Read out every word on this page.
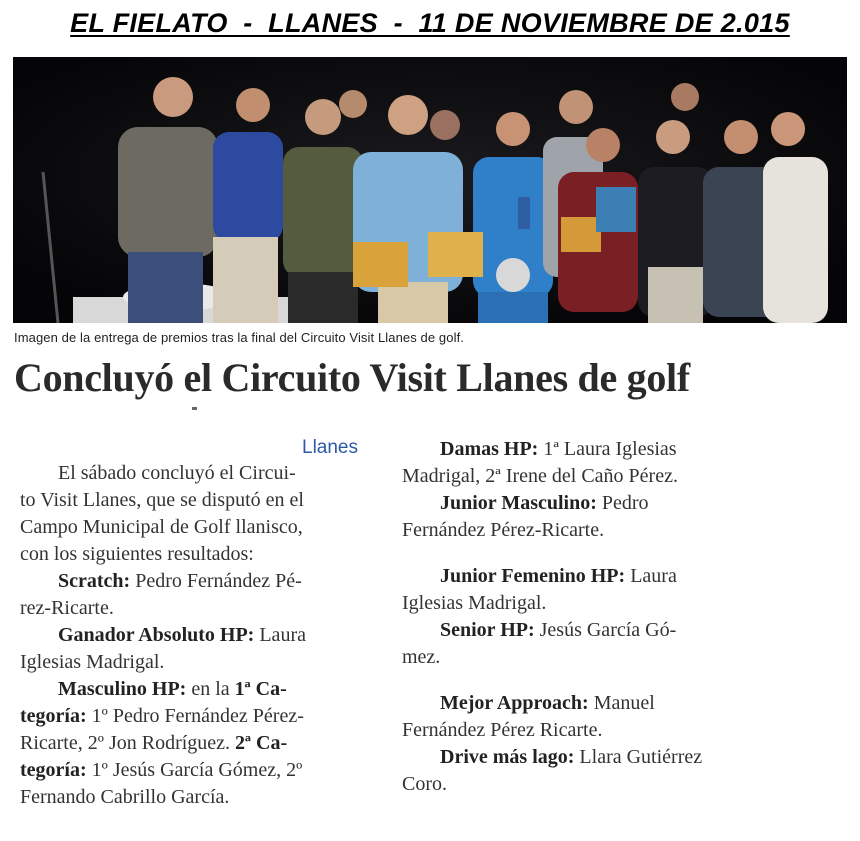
EL FIELATO  -  LLANES  -  11 DE NOVIEMBRE DE 2.015
Imagen de la entrega de premios tras la final del Circuito Visit Llanes de golf.
Concluyó el Circuito Visit Llanes de golf
Llanes
El sábado concluyó el Circui-
to Visit Llanes, que se disputó en el
Campo Municipal de Golf llanisco,
con los siguientes resultados:
Scratch: Pedro Fernández Pé-
rez-Ricarte.
Ganador Absoluto HP: Laura
Iglesias Madrigal.
Masculino HP: en la 1ª Ca-
tegoría: 1º Pedro Fernández Pérez-
Ricarte, 2º Jon Rodríguez. 2ª Ca-
tegoría: 1º Jesús García Gómez, 2º
Fernando Cabrillo García.
Damas HP: 1ª Laura Iglesias
Madrigal, 2ª Irene del Caño Pérez.
Junior Masculino: Pedro
Fernández Pérez-Ricarte.
Junior Femenino HP: Laura
Iglesias Madrigal.
Senior HP: Jesús García Gó-
mez.
Mejor Approach: Manuel
Fernández Pérez Ricarte.
Drive más lago: Llara Gutiérrez
Coro.
